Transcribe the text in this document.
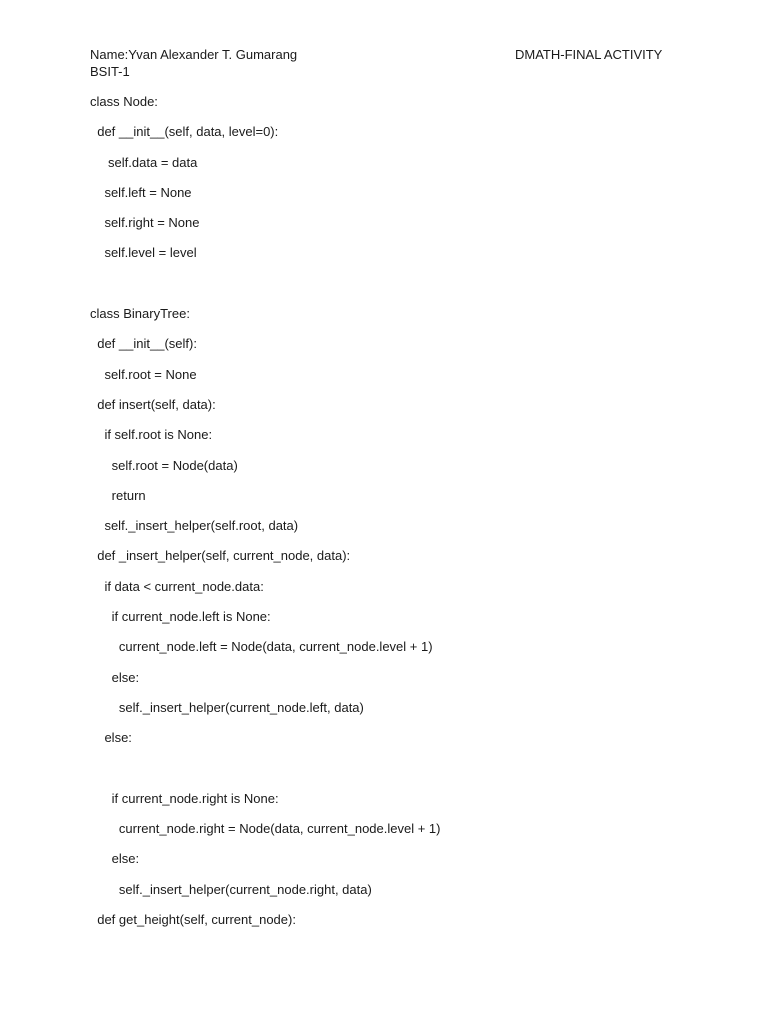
Name:Yvan Alexander T. Gumarang
BSIT-1
DMATH-FINAL ACTIVITY
class Node:
def __init__(self, data, level=0):
self.data = data
self.left = None
self.right = None
self.level = level
class BinaryTree:
def __init__(self):
self.root = None
def insert(self, data):
if self.root is None:
self.root = Node(data)
return
self._insert_helper(self.root, data)
def _insert_helper(self, current_node, data):
if data < current_node.data:
if current_node.left is None:
current_node.left = Node(data, current_node.level + 1)
else:
self._insert_helper(current_node.left, data)
else:
if current_node.right is None:
current_node.right = Node(data, current_node.level + 1)
else:
self._insert_helper(current_node.right, data)
def get_height(self, current_node):
